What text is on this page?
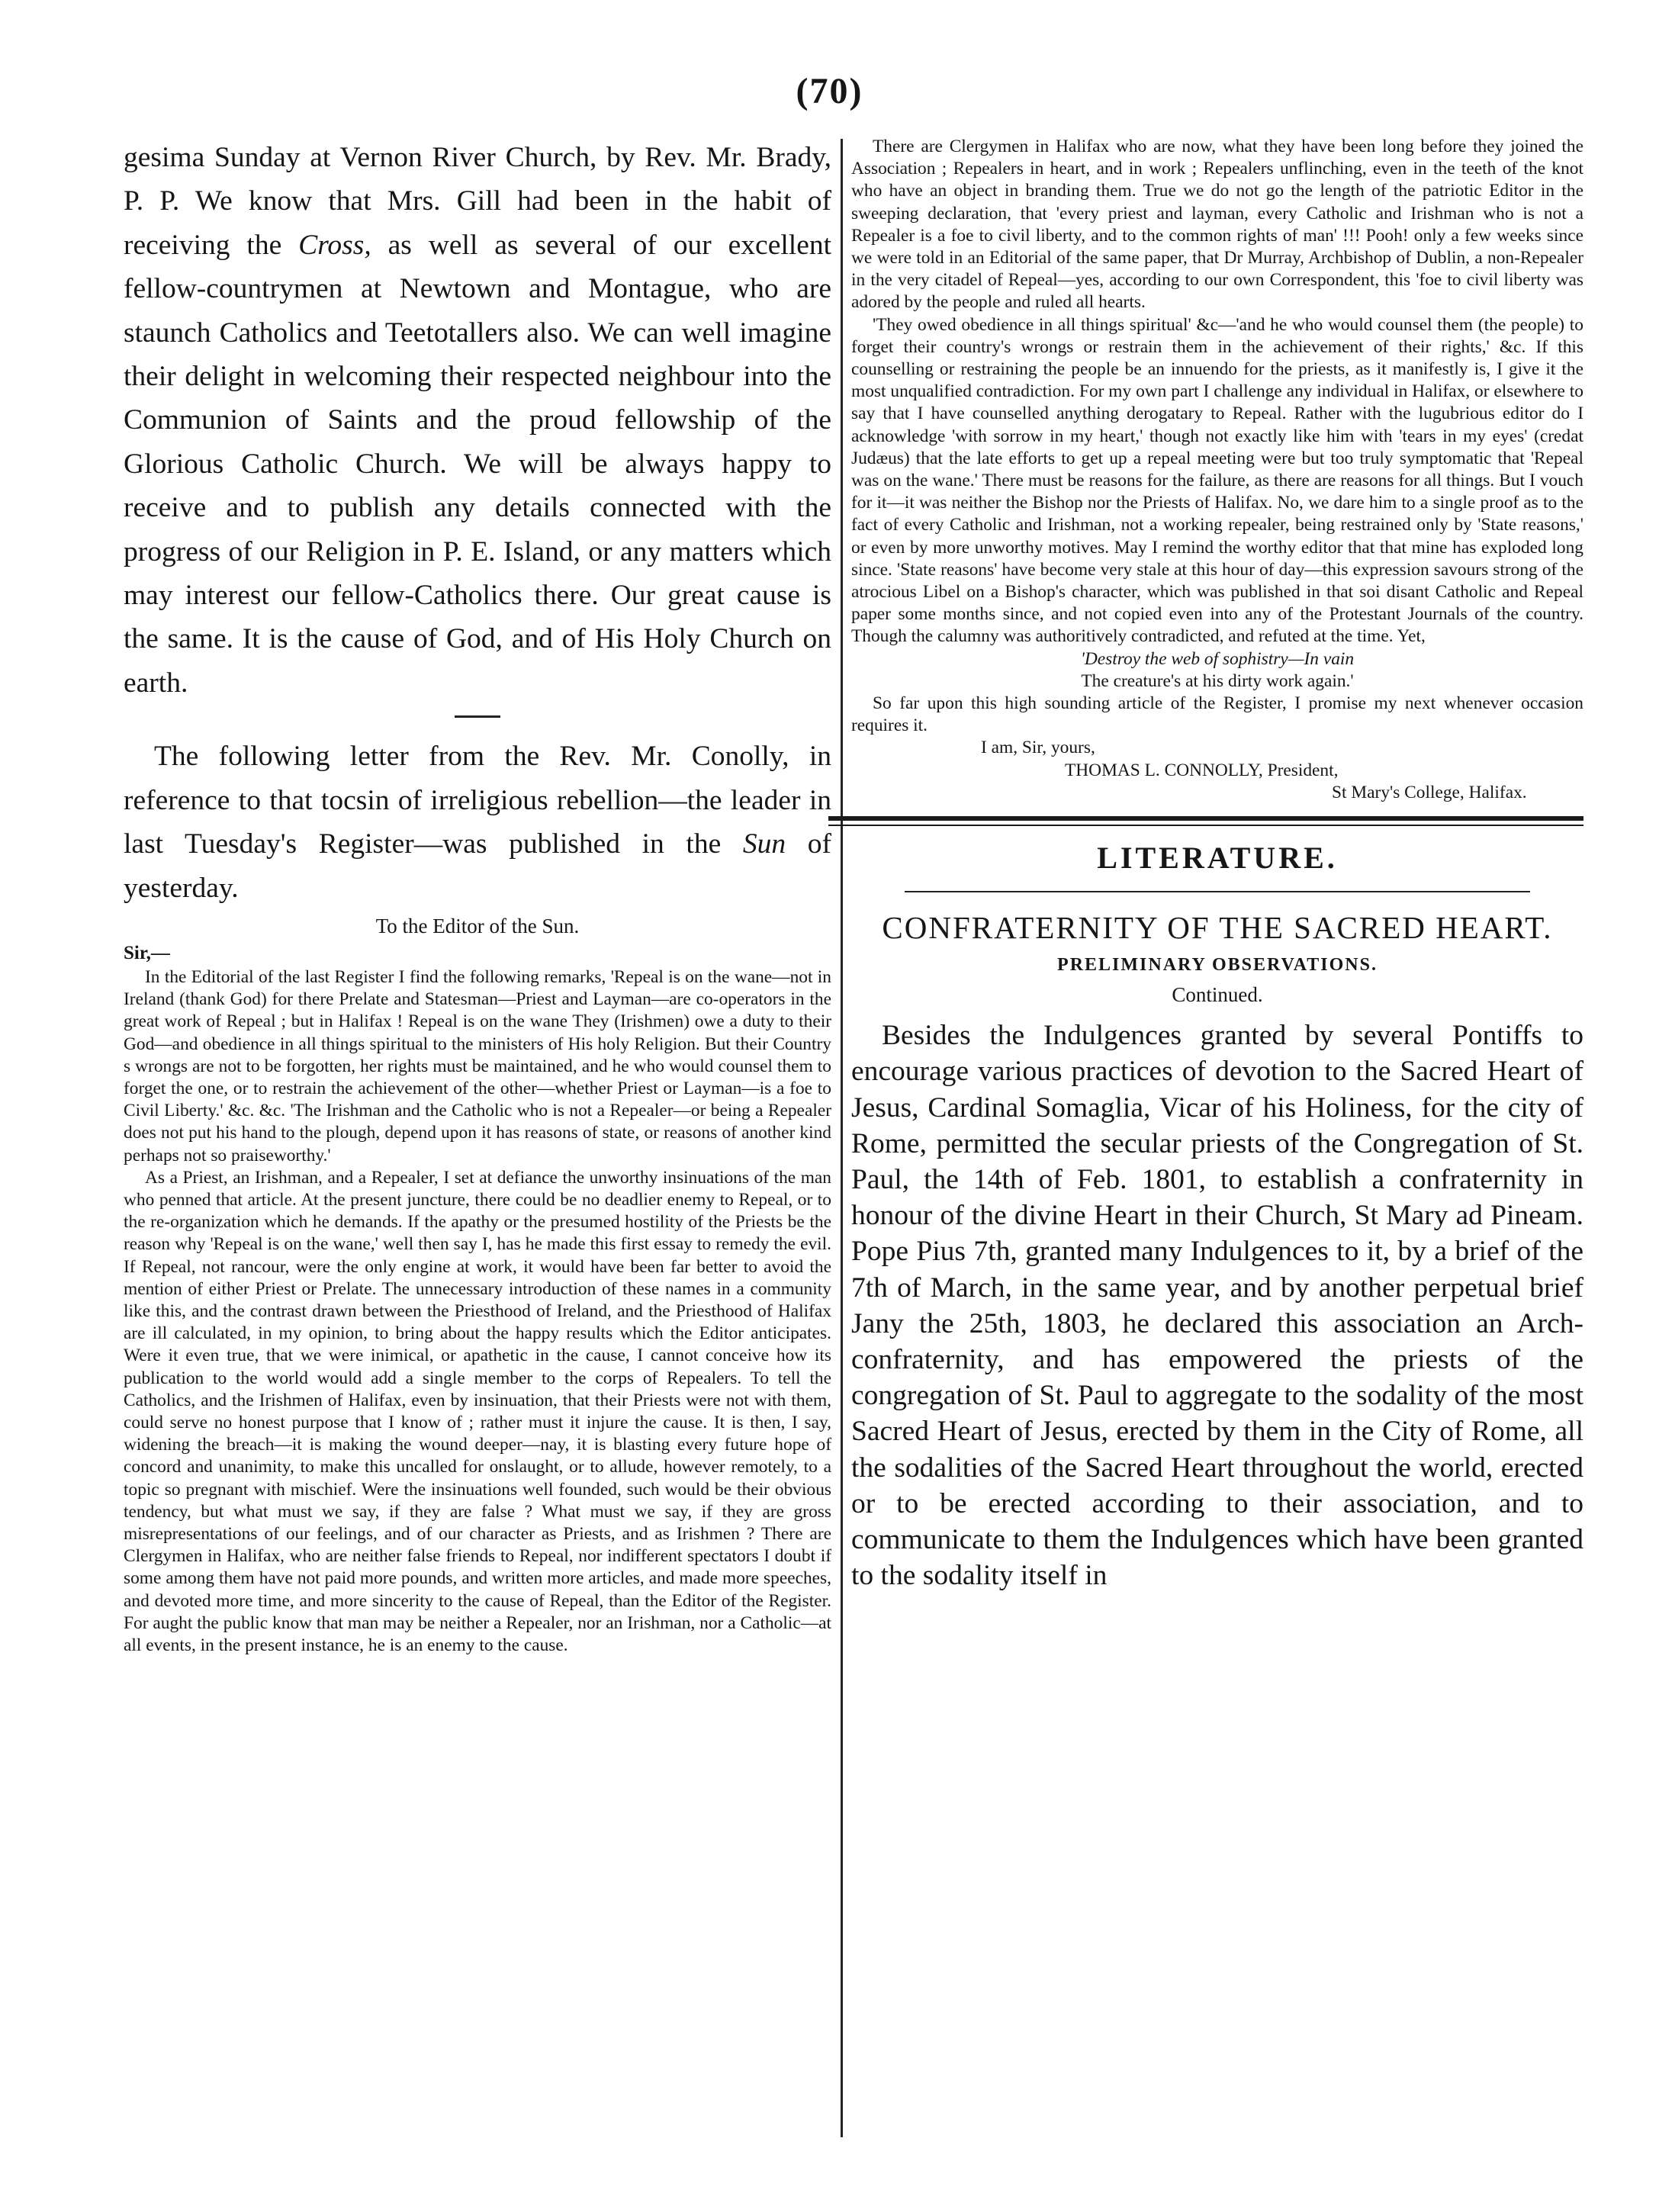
(70)

gesima Sunday at Vernon River Church, by Rev. Mr. Brady, P. P. We know that Mrs. Gill had been in the habit of receiving the Cross, as well as several of our excellent fellow-countrymen at Newtown and Montague, who are staunch Catholics and Teetotallers also. We can well imagine their delight in welcoming their respected neighbour into the Communion of Saints and the proud fellowship of the Glorious Catholic Church. We will be always happy to receive and to publish any details connected with the progress of our Religion in P. E. Island, or any matters which may interest our fellow-Catholics there. Our great cause is the same. It is the cause of God, and of His Holy Church on earth.

The following letter from the Rev. Mr. Conolly, in reference to that tocsin of irreligious rebellion—the leader in last Tuesday's Register—was published in the Sun of yesterday.

To the Editor of the Sun.
Sir,—

In the Editorial of the last Register I find the following remarks, 'Repeal is on the wane—not in Ireland (thank God) for there Prelate and Statesman—Priest and Layman—are co-operators in the great work of Repeal ; but in Halifax ! Repeal is on the wane They (Irishmen) owe a duty to their God—and obedience in all things spiritual to the ministers of His holy Religion. But their Country s wrongs are not to be forgotten, her rights must be maintained, and he who would counsel them to forget the one, or to restrain the achievement of the other—whether Priest or Layman—is a foe to Civil Liberty.' &c. &c. 'The Irishman and the Catholic who is not a Repealer—or being a Repealer does not put his hand to the plough, depend upon it has reasons of state, or reasons of another kind perhaps not so praiseworthy.'

As a Priest, an Irishman, and a Repealer, I set at defiance the unworthy insinuations of the man who penned that article. At the present juncture, there could be no deadlier enemy to Repeal, or to the re-organization which he demands. If the apathy or the presumed hostility of the Priests be the reason why 'Repeal is on the wane,' well then say I, has he made this first essay to remedy the evil. If Repeal, not rancour, were the only engine at work, it would have been far better to avoid the mention of either Priest or Prelate. The unnecessary introduction of these names in a community like this, and the contrast drawn between the Priesthood of Ireland, and the Priesthood of Halifax are ill calculated, in my opinion, to bring about the happy results which the Editor anticipates. Were it even true, that we were inimical, or apathetic in the cause, I cannot conceive how its publication to the world would add a single member to the corps of Repealers. To tell the Catholics, and the Irishmen of Halifax, even by insinuation, that their Priests were not with them, could serve no honest purpose that I know of ; rather must it injure the cause. It is then, I say, widening the breach—it is making the wound deeper—nay, it is blasting every future hope of concord and unanimity, to make this uncalled for onslaught, or to allude, however remotely, to a topic so pregnant with mischief. Were the insinuations well founded, such would be their obvious tendency, but what must we say, if they are false ? What must we say, if they are gross misrepresentations of our feelings, and of our character as Priests, and as Irishmen ? There are Clergymen in Halifax, who are neither false friends to Repeal, nor indifferent spectators I doubt if some among them have not paid more pounds, and written more articles, and made more speeches, and devoted more time, and more sincerity to the cause of Repeal, than the Editor of the Register. For aught the public know that man may be neither a Repealer, nor an Irishman, nor a Catholic—at all events, in the present instance, he is an enemy to the cause.

There are Clergymen in Halifax who are now, what they have been long before they joined the Association ; Repealers in heart, and in work ; Repealers unflinching, even in the teeth of the knot who have an object in branding them. True we do not go the length of the patriotic Editor in the sweeping declaration, that 'every priest and layman, every Catholic and Irishman who is not a Repealer is a foe to civil liberty, and to the common rights of man' !!! Pooh! only a few weeks since we were told in an Editorial of the same paper, that Dr Murray, Archbishop of Dublin, a non-Repealer in the very citadel of Repeal—yes, according to our own Correspondent, this 'foe to civil liberty was adored by the people and ruled all hearts.

'They owed obedience in all things spiritual' &c—'and he who would counsel them (the people) to forget their country's wrongs or restrain them in the achievement of their rights,' &c. If this counselling or restraining the people be an innuendo for the priests, as it manifestly is, I give it the most unqualified contradiction. For my own part I challenge any individual in Halifax, or elsewhere to say that I have counselled anything derogatary to Repeal. Rather with the lugubrious editor do I acknowledge 'with sorrow in my heart,' though not exactly like him with 'tears in my eyes' (credat Judæus) that the late efforts to get up a repeal meeting were but too truly symptomatic that 'Repeal was on the wane.' There must be reasons for the failure, as there are reasons for all things. But I vouch for it—it was neither the Bishop nor the Priests of Halifax. No, we dare him to a single proof as to the fact of every Catholic and Irishman, not a working repealer, being restrained only by 'State reasons,' or even by more unworthy motives. May I remind the worthy editor that that mine has exploded long since. 'State reasons' have become very stale at this hour of day—this expression savours strong of the atrocious Libel on a Bishop's character, which was published in that soi disant Catholic and Repeal paper some months since, and not copied even into any of the Protestant Journals of the country. Though the calumny was authoritively contradicted, and refuted at the time. Yet,

'Destroy the web of sophistry—In vain

The creature's at his dirty work again.'

So far upon this high sounding article of the Register, I promise my next whenever occasion requires it.

I am, Sir, yours,

THOMAS L. CONNOLLY, President,

St Mary's College, Halifax.

LITERATURE.
CONFRATERNITY OF THE SACRED HEART.
PRELIMINARY OBSERVATIONS.
Continued.

Besides the Indulgences granted by several Pontiffs to encourage various practices of devotion to the Sacred Heart of Jesus, Cardinal Somaglia, Vicar of his Holiness, for the city of Rome, permitted the secular priests of the Congregation of St. Paul, the 14th of Feb. 1801, to establish a confraternity in honour of the divine Heart in their Church, St Mary ad Pineam. Pope Pius 7th, granted many Indulgences to it, by a brief of the 7th of March, in the same year, and by another perpetual brief Jany the 25th, 1803, he declared this association an Arch-confraternity, and has empowered the priests of the congregation of St. Paul to aggregate to the sodality of the most Sacred Heart of Jesus, erected by them in the City of Rome, all the sodalities of the Sacred Heart throughout the world, erected or to be erected according to their association, and to communicate to them the Indulgences which have been granted to the sodality itself in
